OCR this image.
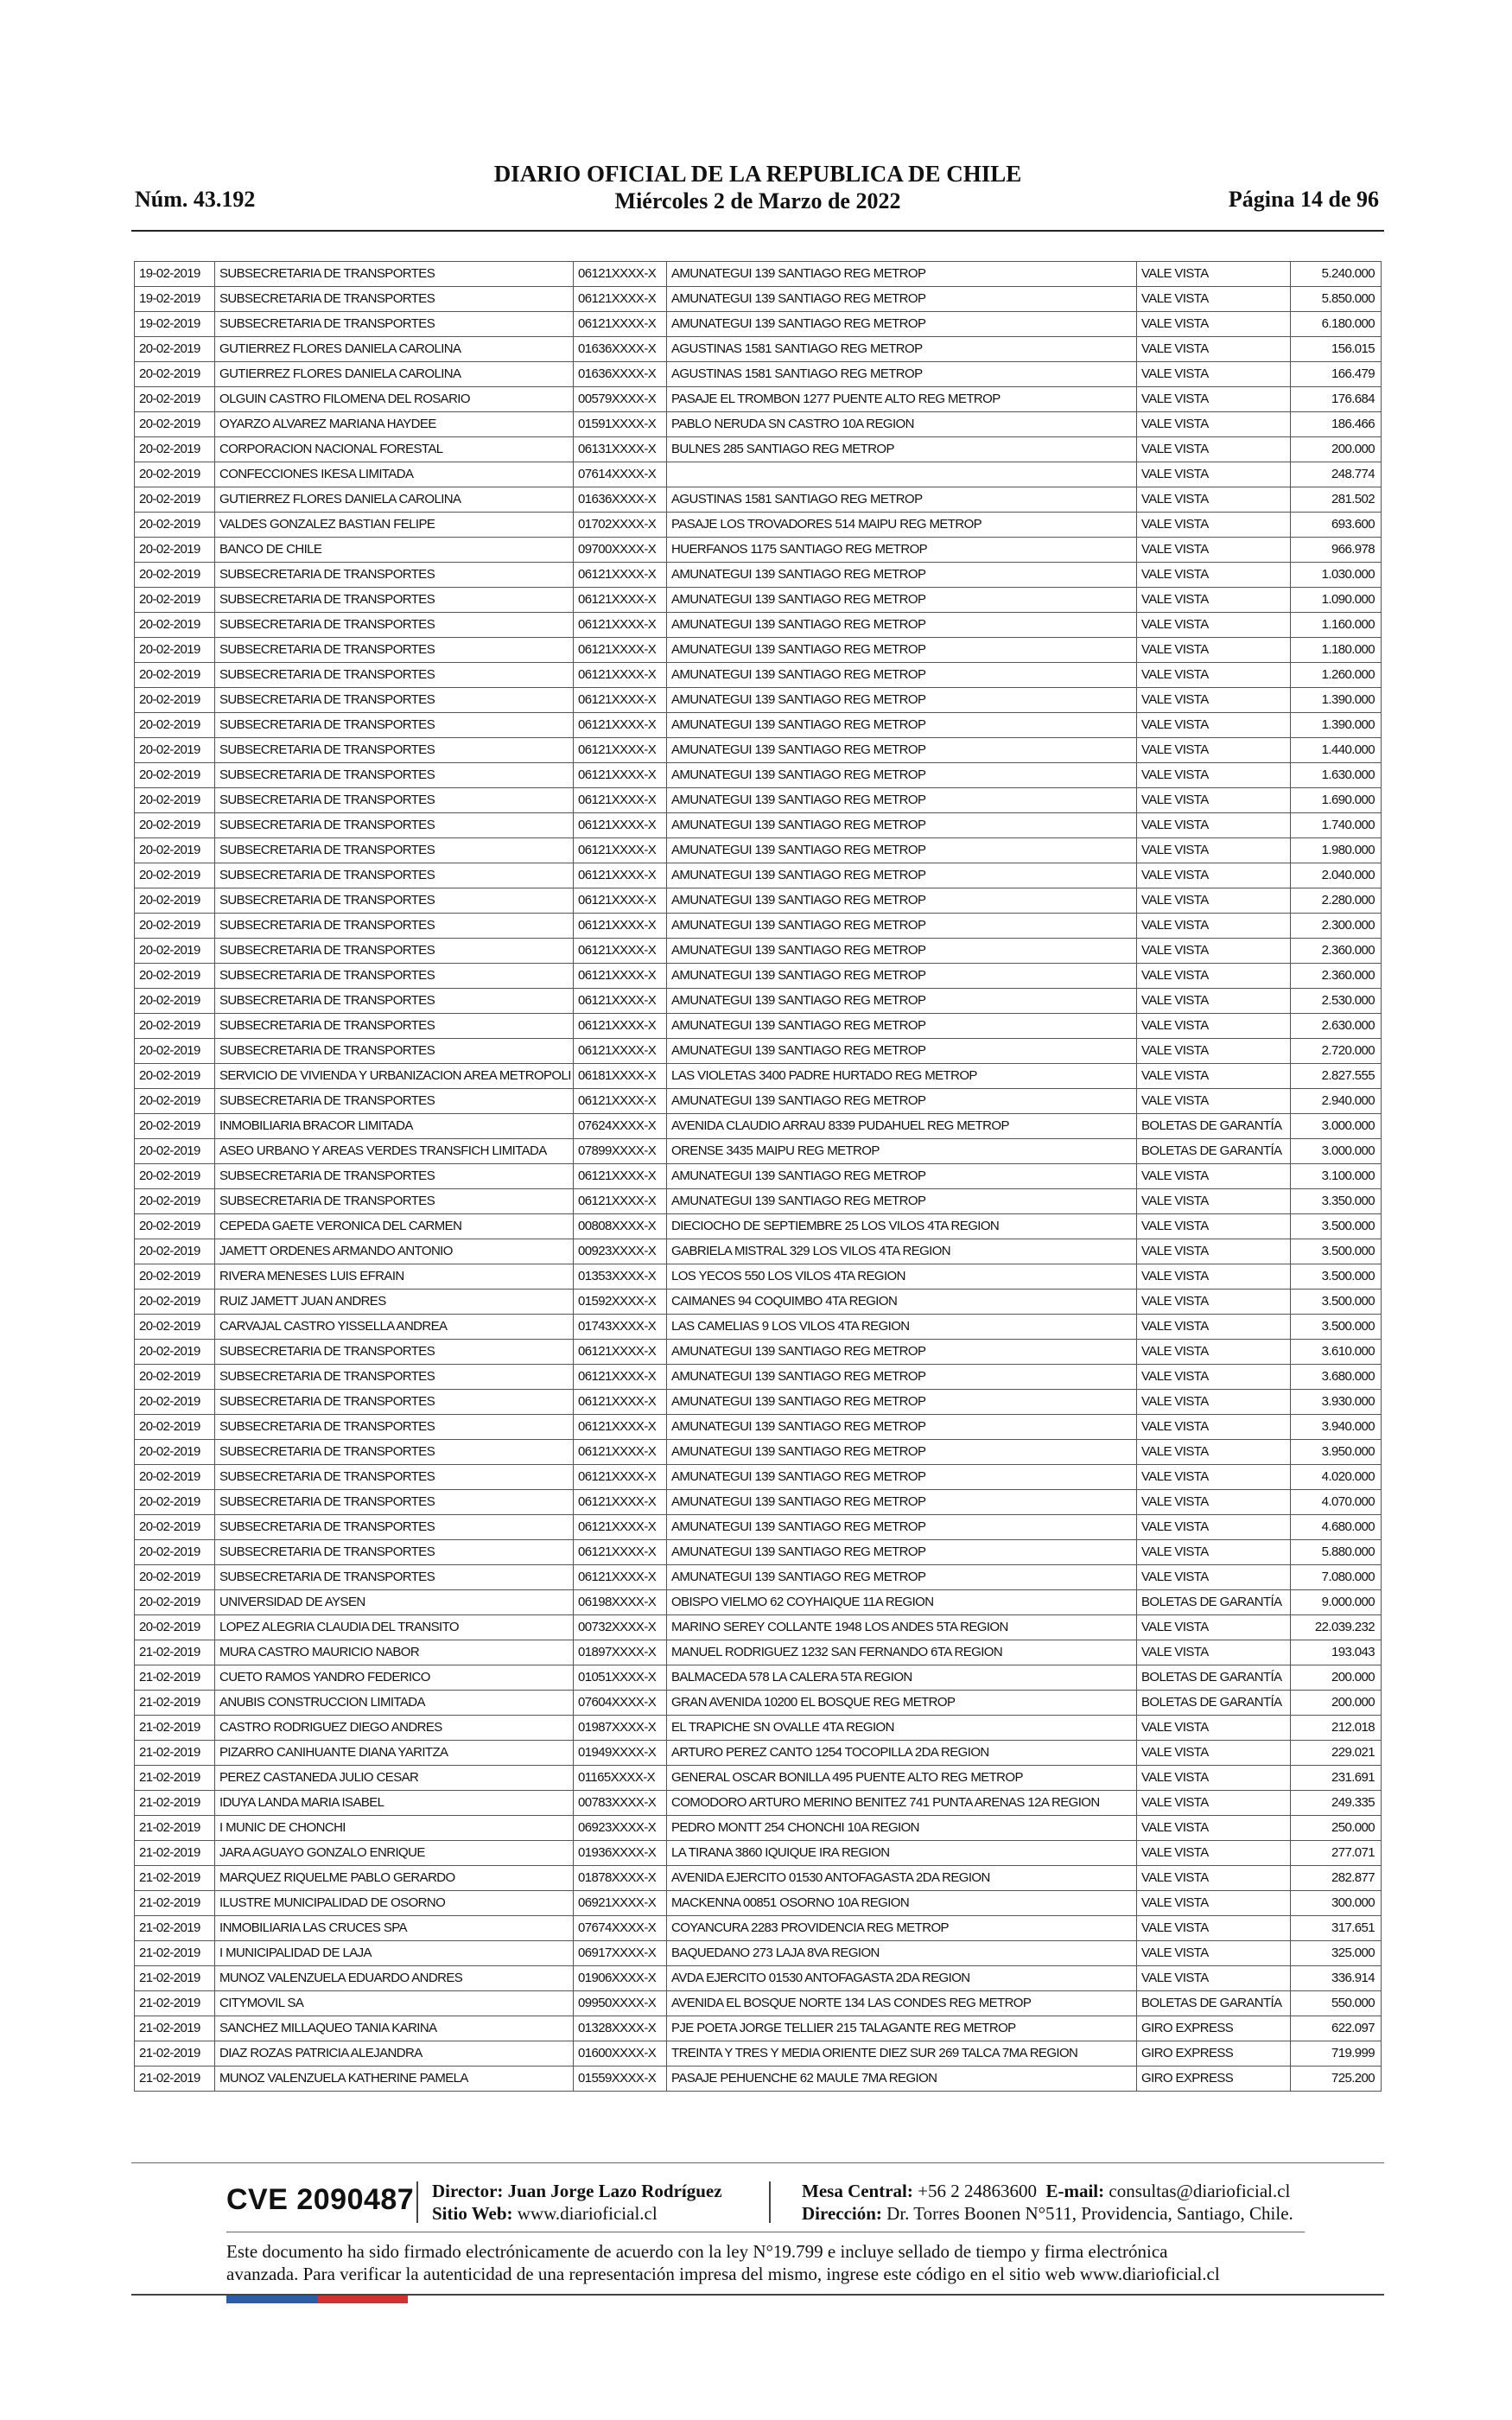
Núm. 43.192
DIARIO OFICIAL DE LA REPUBLICA DE CHILE
Miércoles 2 de Marzo de 2022	Página 14 de 96
19-02-2019	SUBSECRETARIA DE TRANSPORTES	06121XXXX-X	AMUNATEGUI 139 SANTIAGO REG METROP	VALE VISTA	5.240.000
19-02-2019	SUBSECRETARIA DE TRANSPORTES	06121XXXX-X	AMUNATEGUI 139 SANTIAGO REG METROP	VALE VISTA	5.850.000
19-02-2019	SUBSECRETARIA DE TRANSPORTES	06121XXXX-X	AMUNATEGUI 139 SANTIAGO REG METROP	VALE VISTA	6.180.000
20-02-2019	GUTIERREZ FLORES DANIELA CAROLINA	01636XXXX-X	AGUSTINAS 1581 SANTIAGO REG METROP	VALE VISTA	156.015
20-02-2019	GUTIERREZ FLORES DANIELA CAROLINA	01636XXXX-X	AGUSTINAS 1581 SANTIAGO REG METROP	VALE VISTA	166.479
20-02-2019	OLGUIN CASTRO FILOMENA DEL ROSARIO	00579XXXX-X	PASAJE EL TROMBON 1277 PUENTE ALTO REG METROP	VALE VISTA	176.684
20-02-2019	OYARZO ALVAREZ MARIANA HAYDEE	01591XXXX-X	PABLO NERUDA SN CASTRO 10A REGION	VALE VISTA	186.466
20-02-2019	CORPORACION NACIONAL FORESTAL	06131XXXX-X	BULNES 285 SANTIAGO REG METROP	VALE VISTA	200.000
20-02-2019	CONFECCIONES IKESA LIMITADA	07614XXXX-X		VALE VISTA	248.774
20-02-2019	GUTIERREZ FLORES DANIELA CAROLINA	01636XXXX-X	AGUSTINAS 1581 SANTIAGO REG METROP	VALE VISTA	281.502
20-02-2019	VALDES GONZALEZ BASTIAN FELIPE	01702XXXX-X	PASAJE LOS TROVADORES 514 MAIPU REG METROP	VALE VISTA	693.600
20-02-2019	BANCO DE CHILE	09700XXXX-X	HUERFANOS 1175 SANTIAGO REG METROP	VALE VISTA	966.978
20-02-2019	SUBSECRETARIA DE TRANSPORTES	06121XXXX-X	AMUNATEGUI 139 SANTIAGO REG METROP	VALE VISTA	1.030.000
20-02-2019	SUBSECRETARIA DE TRANSPORTES	06121XXXX-X	AMUNATEGUI 139 SANTIAGO REG METROP	VALE VISTA	1.090.000
20-02-2019	SUBSECRETARIA DE TRANSPORTES	06121XXXX-X	AMUNATEGUI 139 SANTIAGO REG METROP	VALE VISTA	1.160.000
20-02-2019	SUBSECRETARIA DE TRANSPORTES	06121XXXX-X	AMUNATEGUI 139 SANTIAGO REG METROP	VALE VISTA	1.180.000
20-02-2019	SUBSECRETARIA DE TRANSPORTES	06121XXXX-X	AMUNATEGUI 139 SANTIAGO REG METROP	VALE VISTA	1.260.000
20-02-2019	SUBSECRETARIA DE TRANSPORTES	06121XXXX-X	AMUNATEGUI 139 SANTIAGO REG METROP	VALE VISTA	1.390.000
20-02-2019	SUBSECRETARIA DE TRANSPORTES	06121XXXX-X	AMUNATEGUI 139 SANTIAGO REG METROP	VALE VISTA	1.390.000
20-02-2019	SUBSECRETARIA DE TRANSPORTES	06121XXXX-X	AMUNATEGUI 139 SANTIAGO REG METROP	VALE VISTA	1.440.000
20-02-2019	SUBSECRETARIA DE TRANSPORTES	06121XXXX-X	AMUNATEGUI 139 SANTIAGO REG METROP	VALE VISTA	1.630.000
20-02-2019	SUBSECRETARIA DE TRANSPORTES	06121XXXX-X	AMUNATEGUI 139 SANTIAGO REG METROP	VALE VISTA	1.690.000
20-02-2019	SUBSECRETARIA DE TRANSPORTES	06121XXXX-X	AMUNATEGUI 139 SANTIAGO REG METROP	VALE VISTA	1.740.000
20-02-2019	SUBSECRETARIA DE TRANSPORTES	06121XXXX-X	AMUNATEGUI 139 SANTIAGO REG METROP	VALE VISTA	1.980.000
20-02-2019	SUBSECRETARIA DE TRANSPORTES	06121XXXX-X	AMUNATEGUI 139 SANTIAGO REG METROP	VALE VISTA	2.040.000
20-02-2019	SUBSECRETARIA DE TRANSPORTES	06121XXXX-X	AMUNATEGUI 139 SANTIAGO REG METROP	VALE VISTA	2.280.000
20-02-2019	SUBSECRETARIA DE TRANSPORTES	06121XXXX-X	AMUNATEGUI 139 SANTIAGO REG METROP	VALE VISTA	2.300.000
20-02-2019	SUBSECRETARIA DE TRANSPORTES	06121XXXX-X	AMUNATEGUI 139 SANTIAGO REG METROP	VALE VISTA	2.360.000
20-02-2019	SUBSECRETARIA DE TRANSPORTES	06121XXXX-X	AMUNATEGUI 139 SANTIAGO REG METROP	VALE VISTA	2.360.000
20-02-2019	SUBSECRETARIA DE TRANSPORTES	06121XXXX-X	AMUNATEGUI 139 SANTIAGO REG METROP	VALE VISTA	2.530.000
20-02-2019	SUBSECRETARIA DE TRANSPORTES	06121XXXX-X	AMUNATEGUI 139 SANTIAGO REG METROP	VALE VISTA	2.630.000
20-02-2019	SUBSECRETARIA DE TRANSPORTES	06121XXXX-X	AMUNATEGUI 139 SANTIAGO REG METROP	VALE VISTA	2.720.000
20-02-2019	SERVICIO DE VIVIENDA Y URBANIZACION AREA METROPOLI	06181XXXX-X	LAS VIOLETAS 3400 PADRE HURTADO REG METROP	VALE VISTA	2.827.555
20-02-2019	SUBSECRETARIA DE TRANSPORTES	06121XXXX-X	AMUNATEGUI 139 SANTIAGO REG METROP	VALE VISTA	2.940.000
20-02-2019	INMOBILIARIA BRACOR LIMITADA	07624XXXX-X	AVENIDA CLAUDIO ARRAU 8339 PUDAHUEL REG METROP	BOLETAS DE GARANTÍA	3.000.000
20-02-2019	ASEO URBANO Y AREAS VERDES TRANSFICH LIMITADA	07899XXXX-X	ORENSE 3435 MAIPU REG METROP	BOLETAS DE GARANTÍA	3.000.000
20-02-2019	SUBSECRETARIA DE TRANSPORTES	06121XXXX-X	AMUNATEGUI 139 SANTIAGO REG METROP	VALE VISTA	3.100.000
20-02-2019	SUBSECRETARIA DE TRANSPORTES	06121XXXX-X	AMUNATEGUI 139 SANTIAGO REG METROP	VALE VISTA	3.350.000
20-02-2019	CEPEDA GAETE VERONICA DEL CARMEN	00808XXXX-X	DIECIOCHO DE SEPTIEMBRE 25 LOS VILOS 4TA REGION	VALE VISTA	3.500.000
20-02-2019	JAMETT ORDENES ARMANDO ANTONIO	00923XXXX-X	GABRIELA MISTRAL 329 LOS VILOS 4TA REGION	VALE VISTA	3.500.000
20-02-2019	RIVERA MENESES LUIS EFRAIN	01353XXXX-X	LOS YECOS 550 LOS VILOS 4TA REGION	VALE VISTA	3.500.000
20-02-2019	RUIZ JAMETT JUAN ANDRES	01592XXXX-X	CAIMANES 94 COQUIMBO 4TA REGION	VALE VISTA	3.500.000
20-02-2019	CARVAJAL CASTRO YISSELLA ANDREA	01743XXXX-X	LAS CAMELIAS 9 LOS VILOS 4TA REGION	VALE VISTA	3.500.000
20-02-2019	SUBSECRETARIA DE TRANSPORTES	06121XXXX-X	AMUNATEGUI 139 SANTIAGO REG METROP	VALE VISTA	3.610.000
20-02-2019	SUBSECRETARIA DE TRANSPORTES	06121XXXX-X	AMUNATEGUI 139 SANTIAGO REG METROP	VALE VISTA	3.680.000
20-02-2019	SUBSECRETARIA DE TRANSPORTES	06121XXXX-X	AMUNATEGUI 139 SANTIAGO REG METROP	VALE VISTA	3.930.000
20-02-2019	SUBSECRETARIA DE TRANSPORTES	06121XXXX-X	AMUNATEGUI 139 SANTIAGO REG METROP	VALE VISTA	3.940.000
20-02-2019	SUBSECRETARIA DE TRANSPORTES	06121XXXX-X	AMUNATEGUI 139 SANTIAGO REG METROP	VALE VISTA	3.950.000
20-02-2019	SUBSECRETARIA DE TRANSPORTES	06121XXXX-X	AMUNATEGUI 139 SANTIAGO REG METROP	VALE VISTA	4.020.000
20-02-2019	SUBSECRETARIA DE TRANSPORTES	06121XXXX-X	AMUNATEGUI 139 SANTIAGO REG METROP	VALE VISTA	4.070.000
20-02-2019	SUBSECRETARIA DE TRANSPORTES	06121XXXX-X	AMUNATEGUI 139 SANTIAGO REG METROP	VALE VISTA	4.680.000
20-02-2019	SUBSECRETARIA DE TRANSPORTES	06121XXXX-X	AMUNATEGUI 139 SANTIAGO REG METROP	VALE VISTA	5.880.000
20-02-2019	SUBSECRETARIA DE TRANSPORTES	06121XXXX-X	AMUNATEGUI 139 SANTIAGO REG METROP	VALE VISTA	7.080.000
20-02-2019	UNIVERSIDAD DE AYSEN	06198XXXX-X	OBISPO VIELMO 62 COYHAIQUE 11A REGION	BOLETAS DE GARANTÍA	9.000.000
20-02-2019	LOPEZ ALEGRIA CLAUDIA DEL TRANSITO	00732XXXX-X	MARINO SEREY COLLANTE 1948 LOS ANDES 5TA REGION	VALE VISTA	22.039.232
21-02-2019	MURA CASTRO MAURICIO NABOR	01897XXXX-X	MANUEL RODRIGUEZ 1232 SAN FERNANDO 6TA REGION	VALE VISTA	193.043
21-02-2019	CUETO RAMOS YANDRO FEDERICO	01051XXXX-X	BALMACEDA 578 LA CALERA 5TA REGION	BOLETAS DE GARANTÍA	200.000
21-02-2019	ANUBIS CONSTRUCCION LIMITADA	07604XXXX-X	GRAN AVENIDA 10200 EL BOSQUE REG METROP	BOLETAS DE GARANTÍA	200.000
21-02-2019	CASTRO RODRIGUEZ DIEGO ANDRES	01987XXXX-X	EL TRAPICHE SN OVALLE 4TA REGION	VALE VISTA	212.018
21-02-2019	PIZARRO CANIHUANTE DIANA YARITZA	01949XXXX-X	ARTURO PEREZ CANTO 1254 TOCOPILLA 2DA REGION	VALE VISTA	229.021
21-02-2019	PEREZ CASTANEDA JULIO CESAR	01165XXXX-X	GENERAL OSCAR BONILLA 495 PUENTE ALTO REG METROP	VALE VISTA	231.691
21-02-2019	IDUYA LANDA MARIA ISABEL	00783XXXX-X	COMODORO ARTURO MERINO BENITEZ 741 PUNTA ARENAS 12A REGION	VALE VISTA	249.335
21-02-2019	I MUNIC DE CHONCHI	06923XXXX-X	PEDRO MONTT 254 CHONCHI 10A REGION	VALE VISTA	250.000
21-02-2019	JARA AGUAYO GONZALO ENRIQUE	01936XXXX-X	LA TIRANA 3860 IQUIQUE IRA REGION	VALE VISTA	277.071
21-02-2019	MARQUEZ RIQUELME PABLO GERARDO	01878XXXX-X	AVENIDA EJERCITO 01530 ANTOFAGASTA 2DA REGION	VALE VISTA	282.877
21-02-2019	ILUSTRE MUNICIPALIDAD DE OSORNO	06921XXXX-X	MACKENNA 00851 OSORNO 10A REGION	VALE VISTA	300.000
21-02-2019	INMOBILIARIA LAS CRUCES SPA	07674XXXX-X	COYANCURA 2283 PROVIDENCIA REG METROP	VALE VISTA	317.651
21-02-2019	I MUNICIPALIDAD DE LAJA	06917XXXX-X	BAQUEDANO 273 LAJA 8VA REGION	VALE VISTA	325.000
21-02-2019	MUNOZ VALENZUELA EDUARDO ANDRES	01906XXXX-X	AVDA EJERCITO 01530 ANTOFAGASTA 2DA REGION	VALE VISTA	336.914
21-02-2019	CITYMOVIL SA	09950XXXX-X	AVENIDA EL BOSQUE NORTE 134 LAS CONDES REG METROP	BOLETAS DE GARANTÍA	550.000
21-02-2019	SANCHEZ MILLAQUEO TANIA KARINA	01328XXXX-X	PJE POETA JORGE TELLIER 215 TALAGANTE REG METROP	GIRO EXPRESS	622.097
21-02-2019	DIAZ ROZAS PATRICIA ALEJANDRA	01600XXXX-X	TREINTA Y TRES Y MEDIA ORIENTE DIEZ SUR 269 TALCA 7MA REGION	GIRO EXPRESS	719.999
21-02-2019	MUNOZ VALENZUELA KATHERINE PAMELA	01559XXXX-X	PASAJE PEHUENCHE 62 MAULE 7MA REGION	GIRO EXPRESS	725.200
CVE 2090487 Director: Juan Jorge Lazo Rodríguez
Sitio Web: www.diarioficial.cl
Mesa Central: +56 2 24863600 E-mail: consultas@diarioficial.cl
Dirección: Dr. Torres Boonen N°511, Providencia, Santiago, Chile.
Este documento ha sido firmado electrónicamente de acuerdo con la ley N°19.799 e incluye sellado de tiempo y firma electrónica
avanzada. Para verificar la autenticidad de una representación impresa del mismo, ingrese este código en el sitio web www.diarioficial.cl
